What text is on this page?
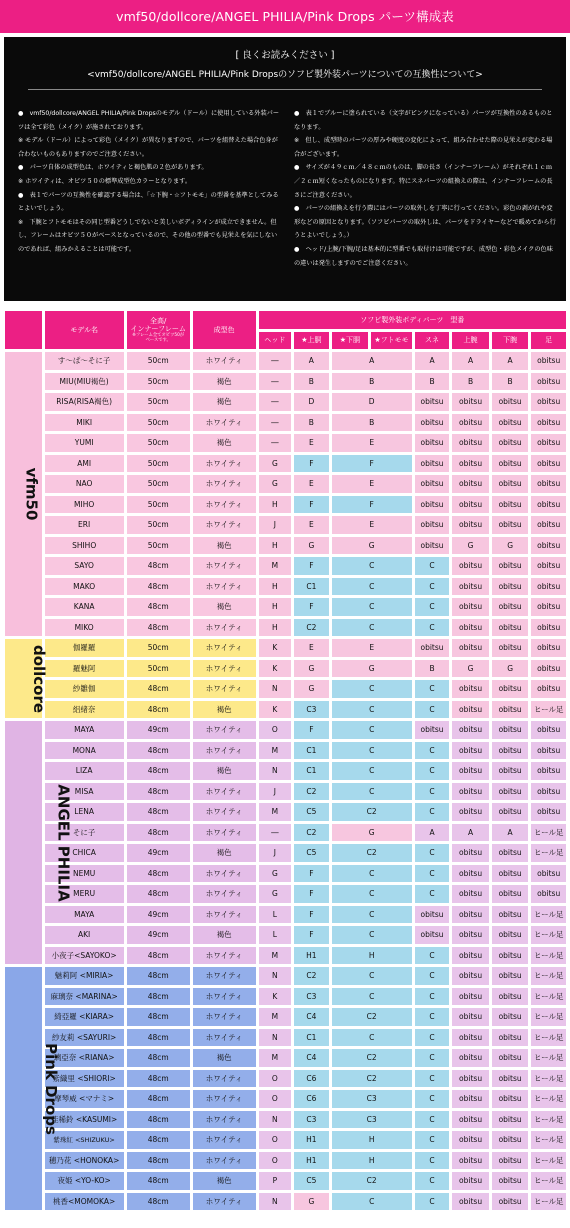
vmf50/dollcore/ANGEL PHILIA/Pink Drops パーツ構成表
[ 良くお読みください ]
<vmf50/dollcore/ANGEL PHILIA/Pink Dropsのソフビ製外装パーツについての互換性について>
●　vmf50/dollcore/ANGEL PHILIA/Pink Dropsのモデル（ドール）に使用している外装パーツは全て彩色（メイク）が施されております。
※ モデル（ドール）によって彩色（メイク）が異なりますので、パーツを組替えた場合色身が合わないものもありますのでご注意ください。
●　パーツ自体の成型色は、ホワイティと褐色肌の２色があります。
※ ホワイティは、オビツ５０の標準成型色カラーとなります。
●　表１でパーツの互換性を確認する場合は、「☆下腕・☆フトモモ」の型番を基準としてみるとよいでしょう。
※　下腕とフトモモはその同じ型番どうしでないと美しいボディラインが成立できません。但し、フレームはオビツ５０がベースとなっているので、その他の型番でも見栄えを気にしないのであれば、組みかえることは可能です。
●　表１でブルーに塗られている（文字がピンクになっている）パーツが互換性のあるものとなります。
※　但し、成型時のパーツの厚みや硬度の変化によって、組み合わせた際の見栄えが変わる場合がございます。
●　サイズが４９ｃｍ／４８ｃｍのものは、脚の長さ（インナーフレーム）がそれぞれ１ｃｍ／２ｃｍ短くなったものになります。特にスネパーツの組換えの際は、インナーフレームの長さにご注意ください。
●　パーツの組換えを行う際にはパーツの取外しを丁寧に行ってください。彩色の剥がれや変形などの原因となります。（ソフビパーツの取外しは、パーツをドライヤーなどで暖めてから行うとよいでしょう。）
●　ヘッド/上腕/下腕/足は基本的に型番でも取付けは可能ですが、成型色・彩色メイクの色味の違いは発生しますのでご注意ください。
	モデル名	全高/
インナーフレーム
※フレーム全てオビツ50が
ベースです。	成型色	ソフビ製外装ボディパーツ　型番							
				ヘッド	★上胴	★下胴	★フトモモ	スネ	上腕	下腕	足
vfm50	す～ぱ～そに子	50cm	ホワイティ	―	A	A		A	A	A	obitsu
	MIU(MIU褐色)	50cm	褐色	―	B	B		B	B	B	obitsu
	RISA(RISA褐色)	50cm	褐色	―	D	D		obitsu	obitsu	obitsu	obitsu
	MIKI	50cm	ホワイティ	―	B	B		obitsu	obitsu	obitsu	obitsu
	YUMI	50cm	褐色	―	E	E		obitsu	obitsu	obitsu	obitsu
	AMI	50cm	ホワイティ	G	F	F		obitsu	obitsu	obitsu	obitsu
	NAO	50cm	ホワイティ	G	E	E		obitsu	obitsu	obitsu	obitsu
	MIHO	50cm	ホワイティ	H	F	F		obitsu	obitsu	obitsu	obitsu
	ERI	50cm	ホワイティ	J	E	E		obitsu	obitsu	obitsu	obitsu
	SHIHO	50cm	褐色	H	G	G		obitsu	G	G	obitsu
	SAYO	48cm	ホワイティ	M	F	C		C	obitsu	obitsu	obitsu
	MAKO	48cm	ホワイティ	H	C1	C		C	obitsu	obitsu	obitsu
	KANA	48cm	褐色	H	F	C		C	obitsu	obitsu	obitsu
	MIKO	48cm	ホワイティ	H	C2	C		C	obitsu	obitsu	obitsu
dollcore	伽羅羅	50cm	ホワイティ	K	E	E		obitsu	obitsu	obitsu	obitsu
	羅魅阿	50cm	ホワイティ	K	G	G		B	G	G	obitsu
	紗雛伽	48cm	ホワイティ	N	G	C		C	obitsu	obitsu	obitsu
	絽緒奈	48cm	褐色	K	C3	C		C	obitsu	obitsu	ヒール足
ANGEL PHILIA	MAYA	49cm	ホワイティ	O	F	C		obitsu	obitsu	obitsu	obitsu
	MONA	48cm	ホワイティ	M	C1	C		C	obitsu	obitsu	obitsu
	LIZA	48cm	褐色	N	C1	C		C	obitsu	obitsu	obitsu
	MISA	48cm	ホワイティ	J	C2	C		C	obitsu	obitsu	obitsu
	LENA	48cm	ホワイティ	M	C5	C2		C	obitsu	obitsu	obitsu
	そに子	48cm	ホワイティ	―	C2	G		A	A	A	ヒール足
	CHICA	49cm	褐色	J	C5	C2		C	obitsu	obitsu	ヒール足
	NEMU	48cm	ホワイティ	G	F	C		C	obitsu	obitsu	obitsu
	MERU	48cm	ホワイティ	G	F	C		C	obitsu	obitsu	obitsu
	MAYA	49cm	ホワイティ	L	F	C		obitsu	obitsu	obitsu	ヒール足
	AKI	49cm	褐色	L	F	C		obitsu	obitsu	obitsu	ヒール足
	小夜子<SAYOKO>	48cm	ホワイティ	M	H1	H		C	obitsu	obitsu	ヒール足
Pink Drops	魅莉阿 <MIRIA>	48cm	ホワイティ	N	C2	C		C	obitsu	obitsu	ヒール足
	麻璃奈 <MARINA>	48cm	ホワイティ	K	C3	C		C	obitsu	obitsu	ヒール足
	綺亞羅 <KIARA>	48cm	ホワイティ	M	C4	C2		C	obitsu	obitsu	ヒール足
	紗友莉 <SAYURI>	48cm	ホワイティ	N	C1	C		C	obitsu	obitsu	ヒール足
	璃亞奈 <RIANA>	48cm	褐色	M	C4	C2		C	obitsu	obitsu	ヒール足
	紫織里 <SHIORI>	48cm	ホワイティ	O	C6	C2		C	obitsu	obitsu	ヒール足
	摩琴威 <マナミ>	48cm	ホワイティ	O	C6	C3		C	obitsu	obitsu	ヒール足
	佳稀鈴 <KASUMI>	48cm	ホワイティ	N	C3	C3		C	obitsu	obitsu	ヒール足
	紫珠紅 <SHIZUKU>	48cm	ホワイティ	O	H1	H		C	obitsu	obitsu	ヒール足
	穂乃花 <HONOKA>	48cm	ホワイティ	O	H1	H		C	obitsu	obitsu	ヒール足
	夜姫 <YO-KO>	48cm	褐色	P	C5	C2		C	obitsu	obitsu	ヒール足
	桃香<MOMOKA>	48cm	ホワイティ	N	G	C		C	obitsu	obitsu	ヒール足
